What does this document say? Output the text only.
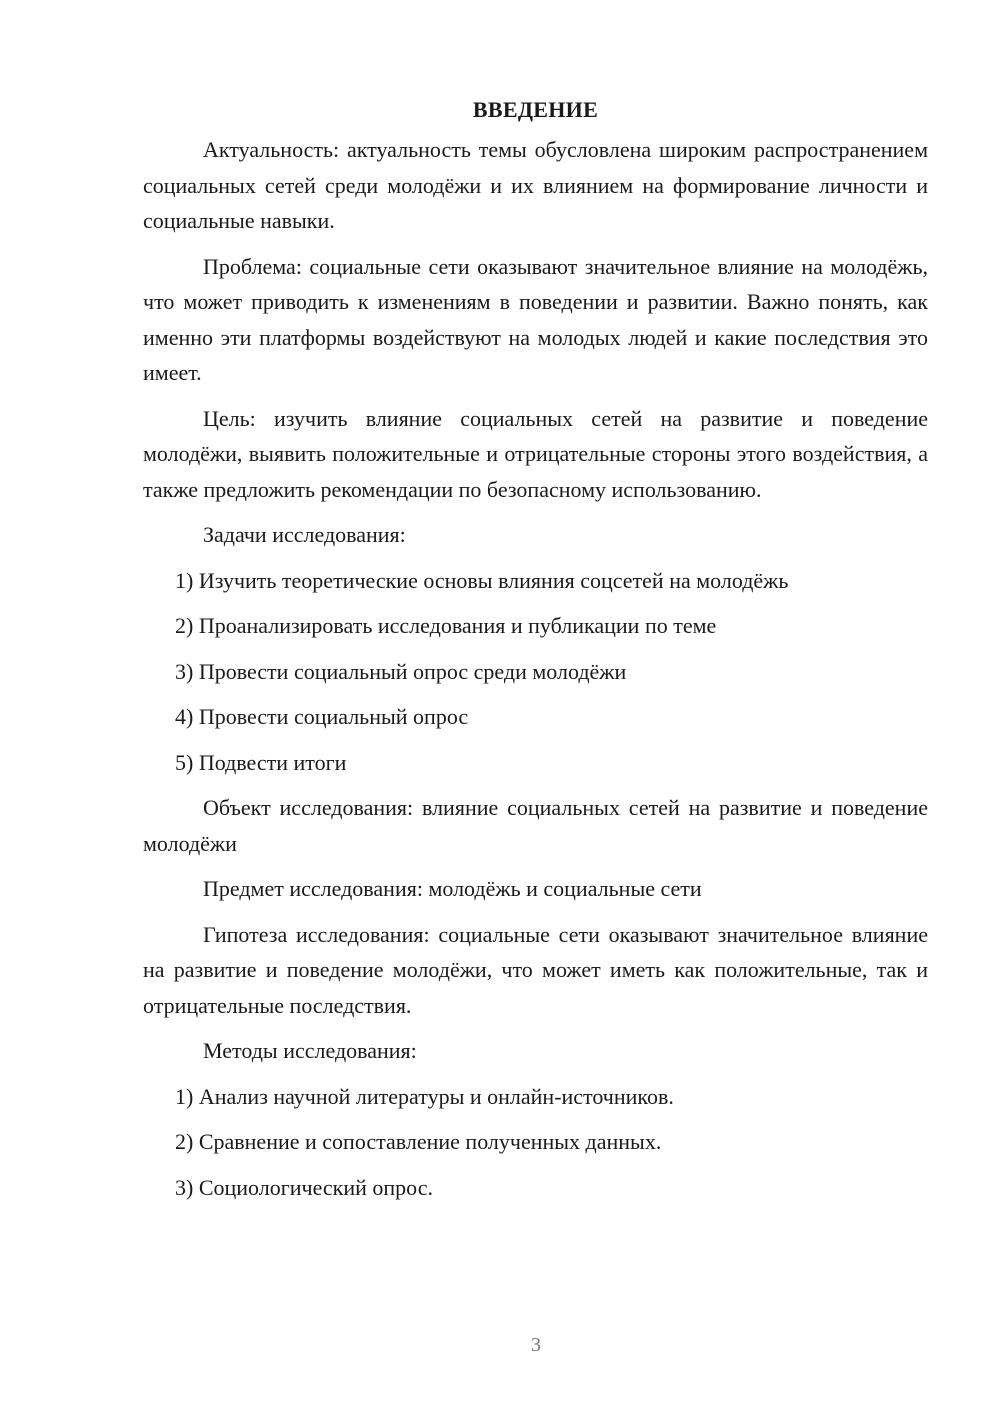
ВВЕДЕНИЕ

Актуальность: актуальность темы обусловлена широким распространением социальных сетей среди молодёжи и их влиянием на формирование личности и социальные навыки.

Проблема: социальные сети оказывают значительное влияние на молодёжь, что может приводить к изменениям в поведении и развитии. Важно понять, как именно эти платформы воздействуют на молодых людей и какие последствия это имеет.

Цель: изучить влияние социальных сетей на развитие и поведение молодёжи, выявить положительные и отрицательные стороны этого воздействия, а также предложить рекомендации по безопасному использованию.

Задачи исследования:

1) Изучить теоретические основы влияния соцсетей на молодёжь
2) Проанализировать исследования и публикации по теме
3) Провести социальный опрос среди молодёжи
4) Провести социальный опрос
5) Подвести итоги

Объект исследования: влияние социальных сетей на развитие и поведение молодёжи

Предмет исследования: молодёжь и социальные сети

Гипотеза исследования: социальные сети оказывают значительное влияние на развитие и поведение молодёжи, что может иметь как положительные, так и отрицательные последствия.

Методы исследования:

1) Анализ научной литературы и онлайн-источников.
2) Сравнение и сопоставление полученных данных.
3) Социологический опрос.
3
